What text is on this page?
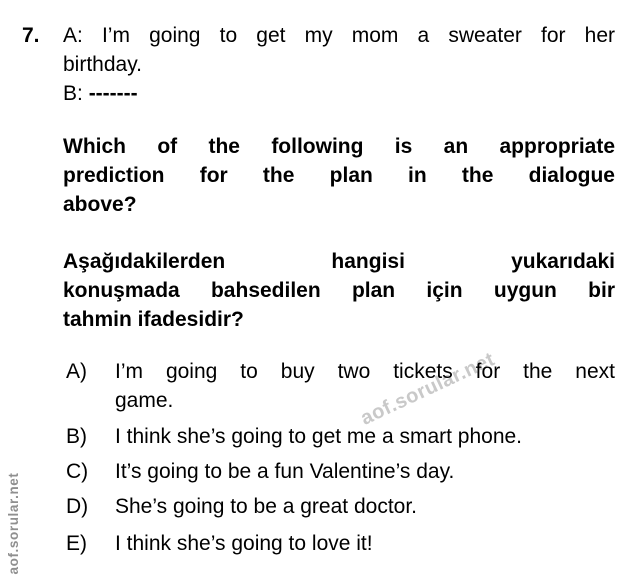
aof.sorular.net
aof.sorular.net
7. A: I’m going to get my mom a sweater for her
birthday.
B: -------
Which of the following is an appropriate
prediction for the plan in the dialogue
above?
Aşağıdakilerden hangisi yukarıdaki
konuşmada bahsedilen plan için uygun bir
tahmin ifadesidir?
A)	I’m going to buy two tickets for the next
game.
B)	I think she’s going to get me a smart phone.
C)	It’s going to be a fun Valentine’s day.
D)	She’s going to be a great doctor.
E)	I think she’s going to love it!
